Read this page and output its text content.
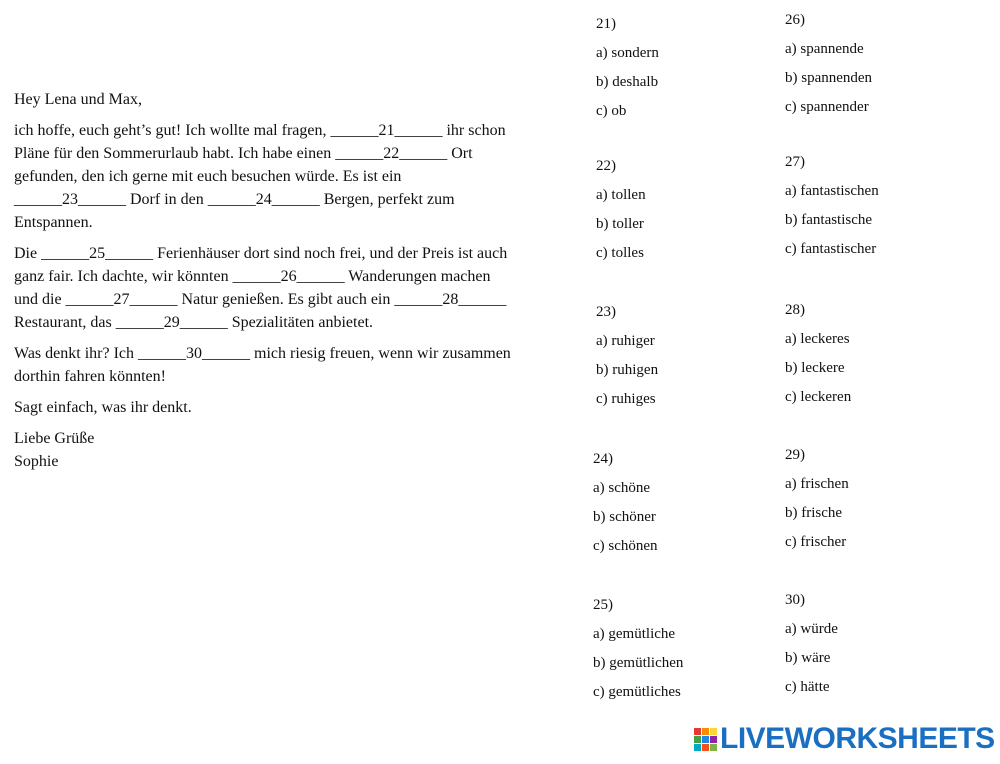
Hey Lena und Max,

ich hoffe, euch geht’s gut! Ich wollte mal fragen, ______21______ ihr schon Pläne für den Sommerurlaub habt. Ich habe einen ______22______ Ort gefunden, den ich gerne mit euch besuchen würde. Es ist ein ______23______ Dorf in den ______24______ Bergen, perfekt zum Entspannen.

Die ______25______ Ferienhäuser dort sind noch frei, und der Preis ist auch ganz fair. Ich dachte, wir könnten ______26______ Wanderungen machen und die ______27______ Natur genießen. Es gibt auch ein ______28______ Restaurant, das ______29______ Spezialitäten anbietet.

Was denkt ihr? Ich ______30______ mich riesig freuen, wenn wir zusammen dorthin fahren könnten!

Sagt einfach, was ihr denkt.

Liebe Grüße

Sophie

21)
a) sondern
b) deshalb
c) ob
22)
a) tollen
b) toller
c) tolles
23)
a) ruhiger
b) ruhigen
c) ruhiges
24)
a) schöne
b) schöner
c) schönen
25)
a) gemütliche
b) gemütlichen
c) gemütliches
26)
a) spannende
b) spannenden
c) spannender
27)
a) fantastischen
b) fantastische
c) fantastischer
28)
a) leckeres
b) leckere
c) leckeren
29)
a) frischen
b) frische
c) frischer
30)
a) würde
b) wäre
c) hätte
LIVEWORKSHEETS
